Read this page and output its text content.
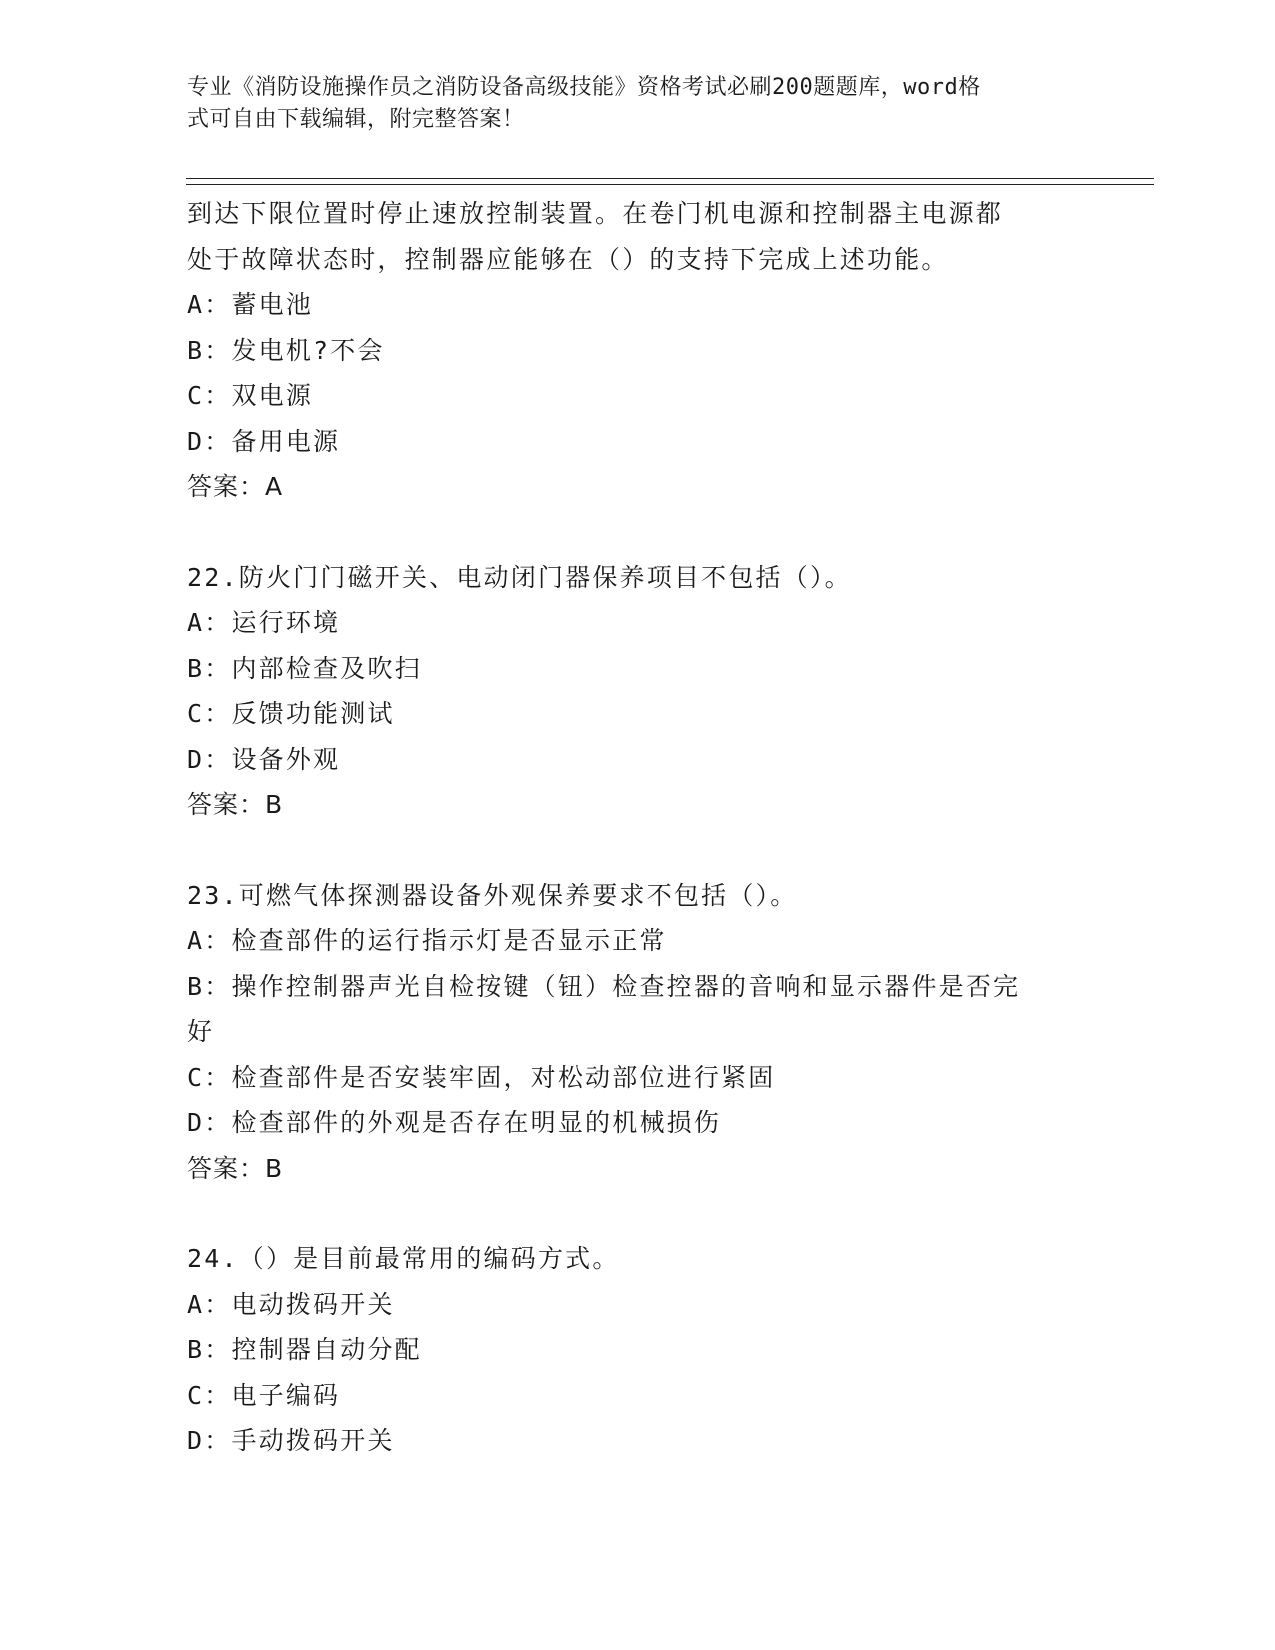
专业《消防设施操作员之消防设备高级技能》资格考试必刷200题题库，word格
式可自由下载编辑，附完整答案！
到达下限位置时停止速放控制装置。在卷门机电源和控制器主电源都
处于故障状态时，控制器应能够在（）的支持下完成上述功能。
A：蓄电池
B：发电机?不会
C：双电源
D：备用电源
答案：A
22.防火门门磁开关、电动闭门器保养项目不包括（）。
A：运行环境
B：内部检查及吹扫
C：反馈功能测试
D：设备外观
答案：B
23.可燃气体探测器设备外观保养要求不包括（）。
A：检查部件的运行指示灯是否显示正常
B：操作控制器声光自检按键（钮）检查控器的音响和显示器件是否完
好
C：检查部件是否安装牢固，对松动部位进行紧固
D：检查部件的外观是否存在明显的机械损伤
答案：B
24.（）是目前最常用的编码方式。
A：电动拨码开关
B：控制器自动分配
C：电子编码
D：手动拨码开关
